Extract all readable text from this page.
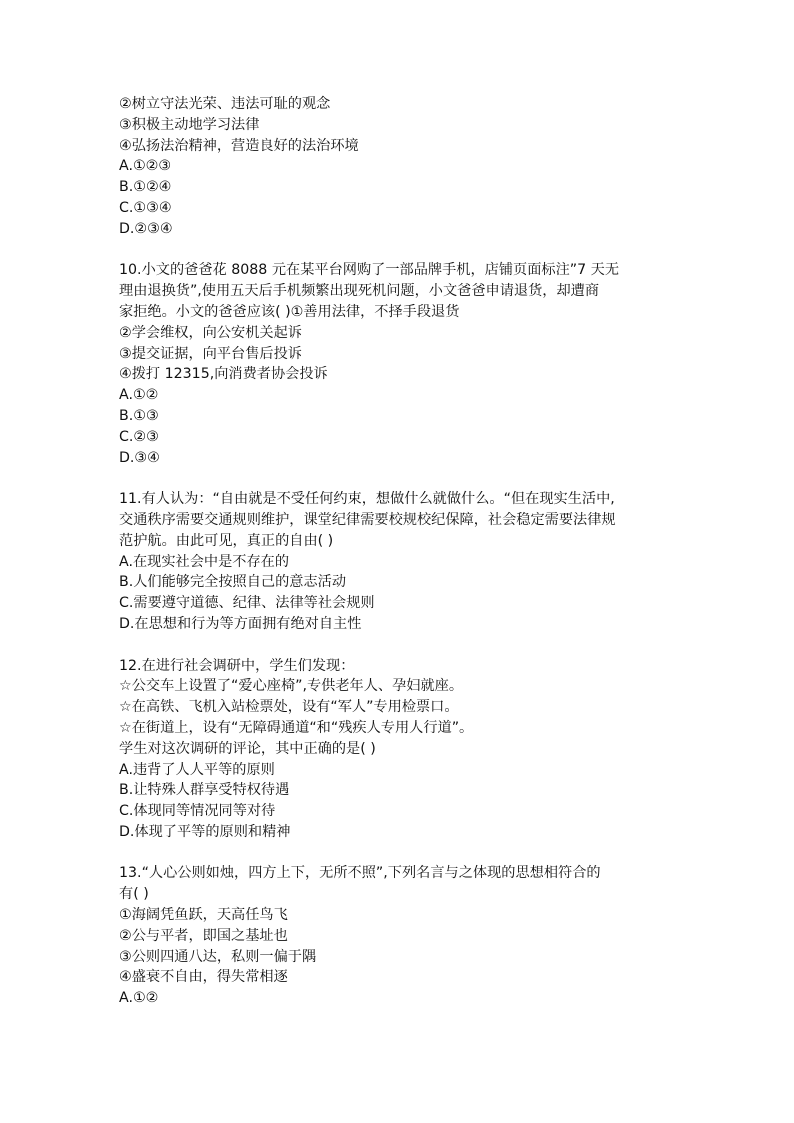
②树立守法光荣、违法可耻的观念

③积极主动地学习法律

④弘扬法治精神，营造良好的法治环境

A.①②③

B.①②④

C.①③④

D.②③④

10.小文的爸爸花 8088 元在某平台网购了一部品牌手机，店铺页面标注”7 天无

理由退换货”,使用五天后手机频繁出现死机问题，小文爸爸申请退货，却遭商

家拒绝。小文的爸爸应该( )①善用法律，不择手段退货

②学会维权，向公安机关起诉

③提交证据，向平台售后投诉

④拨打 12315,向消费者协会投诉

A.①②

B.①③

C.②③

D.③④

11.有人认为：“自由就是不受任何约束，想做什么就做什么。“但在现实生活中,

交通秩序需要交通规则维护，课堂纪律需要校规校纪保障，社会稳定需要法律规

范护航。由此可见，真正的自由( )

A.在现实社会中是不存在的

B.人们能够完全按照自己的意志活动

C.需要遵守道德、纪律、法律等社会规则

D.在思想和行为等方面拥有绝对自主性

12.在进行社会调研中，学生们发现：

☆公交车上设置了“爱心座椅”,专供老年人、孕妇就座。

☆在高铁、飞机入站检票处，设有“军人”专用检票口。

☆在街道上，设有“无障碍通道“和“残疾人专用人行道”。

学生对这次调研的评论，其中正确的是( )

A.违背了人人平等的原则

B.让特殊人群享受特权待遇

C.体现同等情况同等对待

D.体现了平等的原则和精神

13.“人心公则如烛，四方上下，无所不照”,下列名言与之体现的思想相符合的

有( )

①海阔凭鱼跃，天高任鸟飞

②公与平者，即国之基址也

③公则四通八达，私则一偏于隅

④盛衰不自由，得失常相逐

A.①②
